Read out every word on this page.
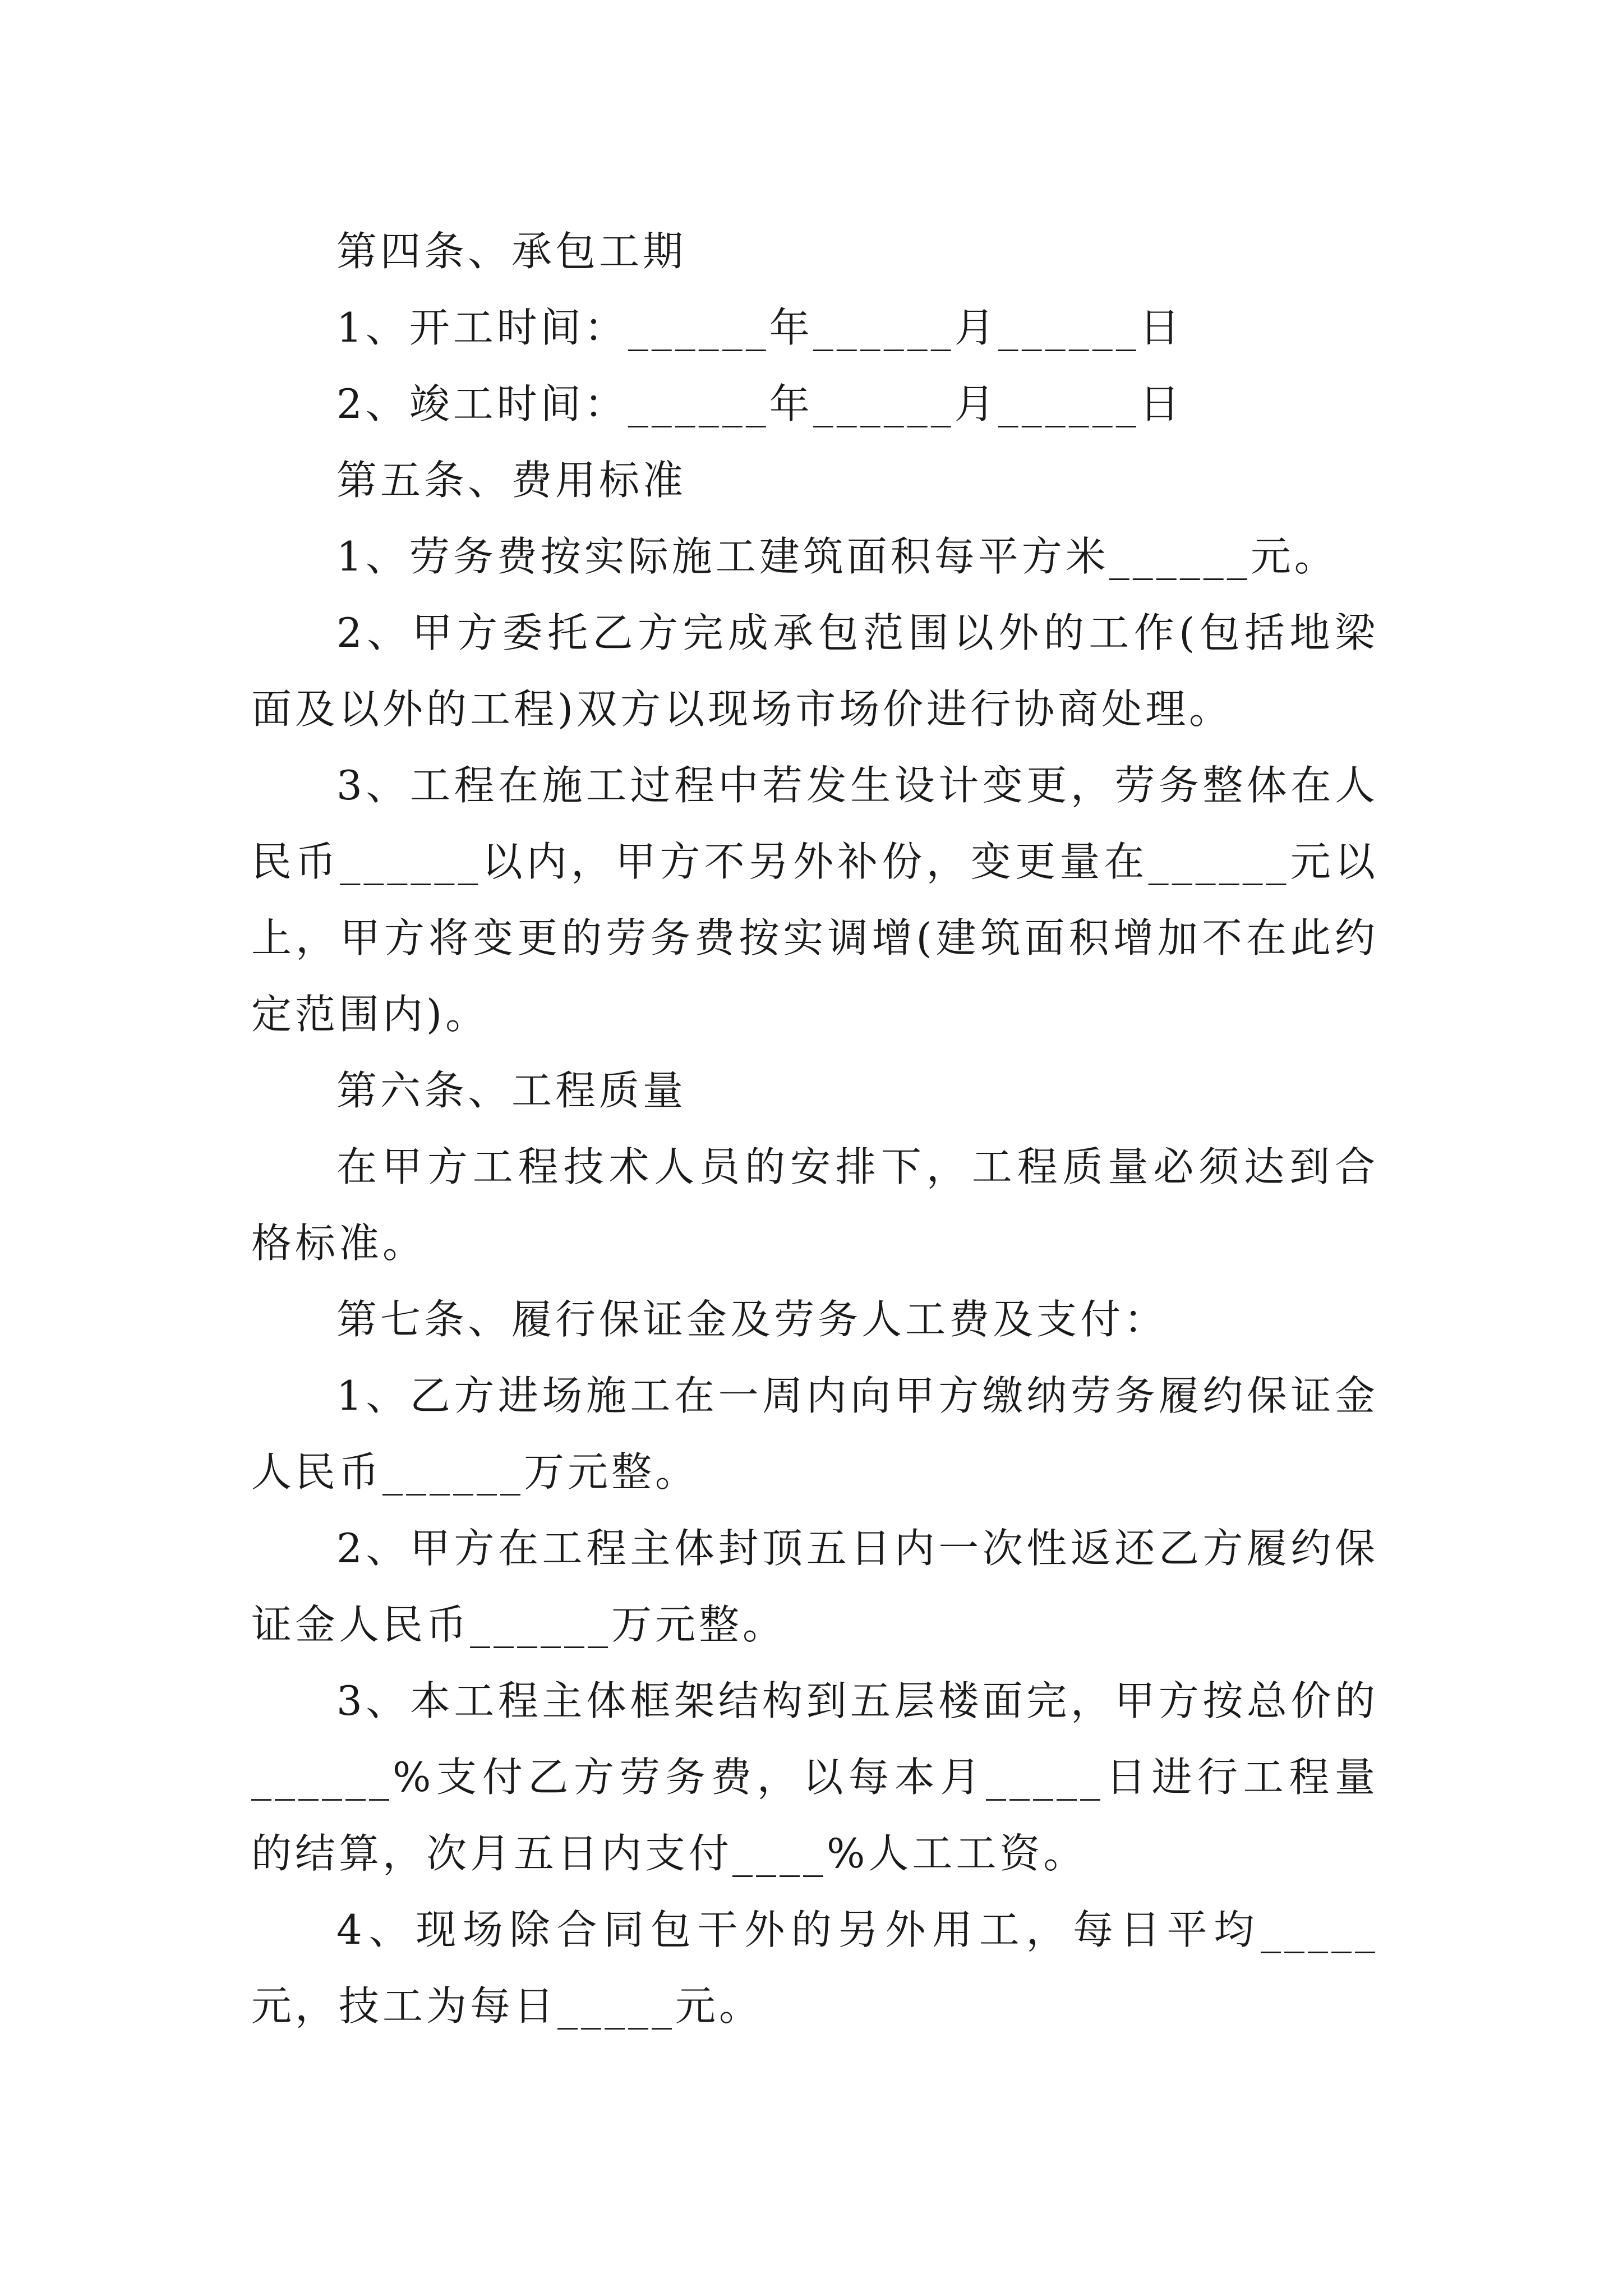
第四条、承包工期

1、开工时间：______年______月______日

2、竣工时间：______年______月______日

第五条、费用标准

1、劳务费按实际施工建筑面积每平方米______元。

2、甲方委托乙方完成承包范围以外的工作(包括地梁面及以外的工程)双方以现场市场价进行协商处理。

3、工程在施工过程中若发生设计变更，劳务整体在人民币______以内，甲方不另外补份，变更量在______元以上，甲方将变更的劳务费按实调增(建筑面积增加不在此约定范围内)。

第六条、工程质量

在甲方工程技术人员的安排下，工程质量必须达到合格标准。

第七条、履行保证金及劳务人工费及支付：

1、乙方进场施工在一周内向甲方缴纳劳务履约保证金人民币______万元整。

2、甲方在工程主体封顶五日内一次性返还乙方履约保证金人民币______万元整。

3、本工程主体框架结构到五层楼面完，甲方按总价的______%支付乙方劳务费，以每本月_____日进行工程量的结算，次月五日内支付____%人工工资。

4、现场除合同包干外的另外用工，每日平均_____元，技工为每日_____元。
